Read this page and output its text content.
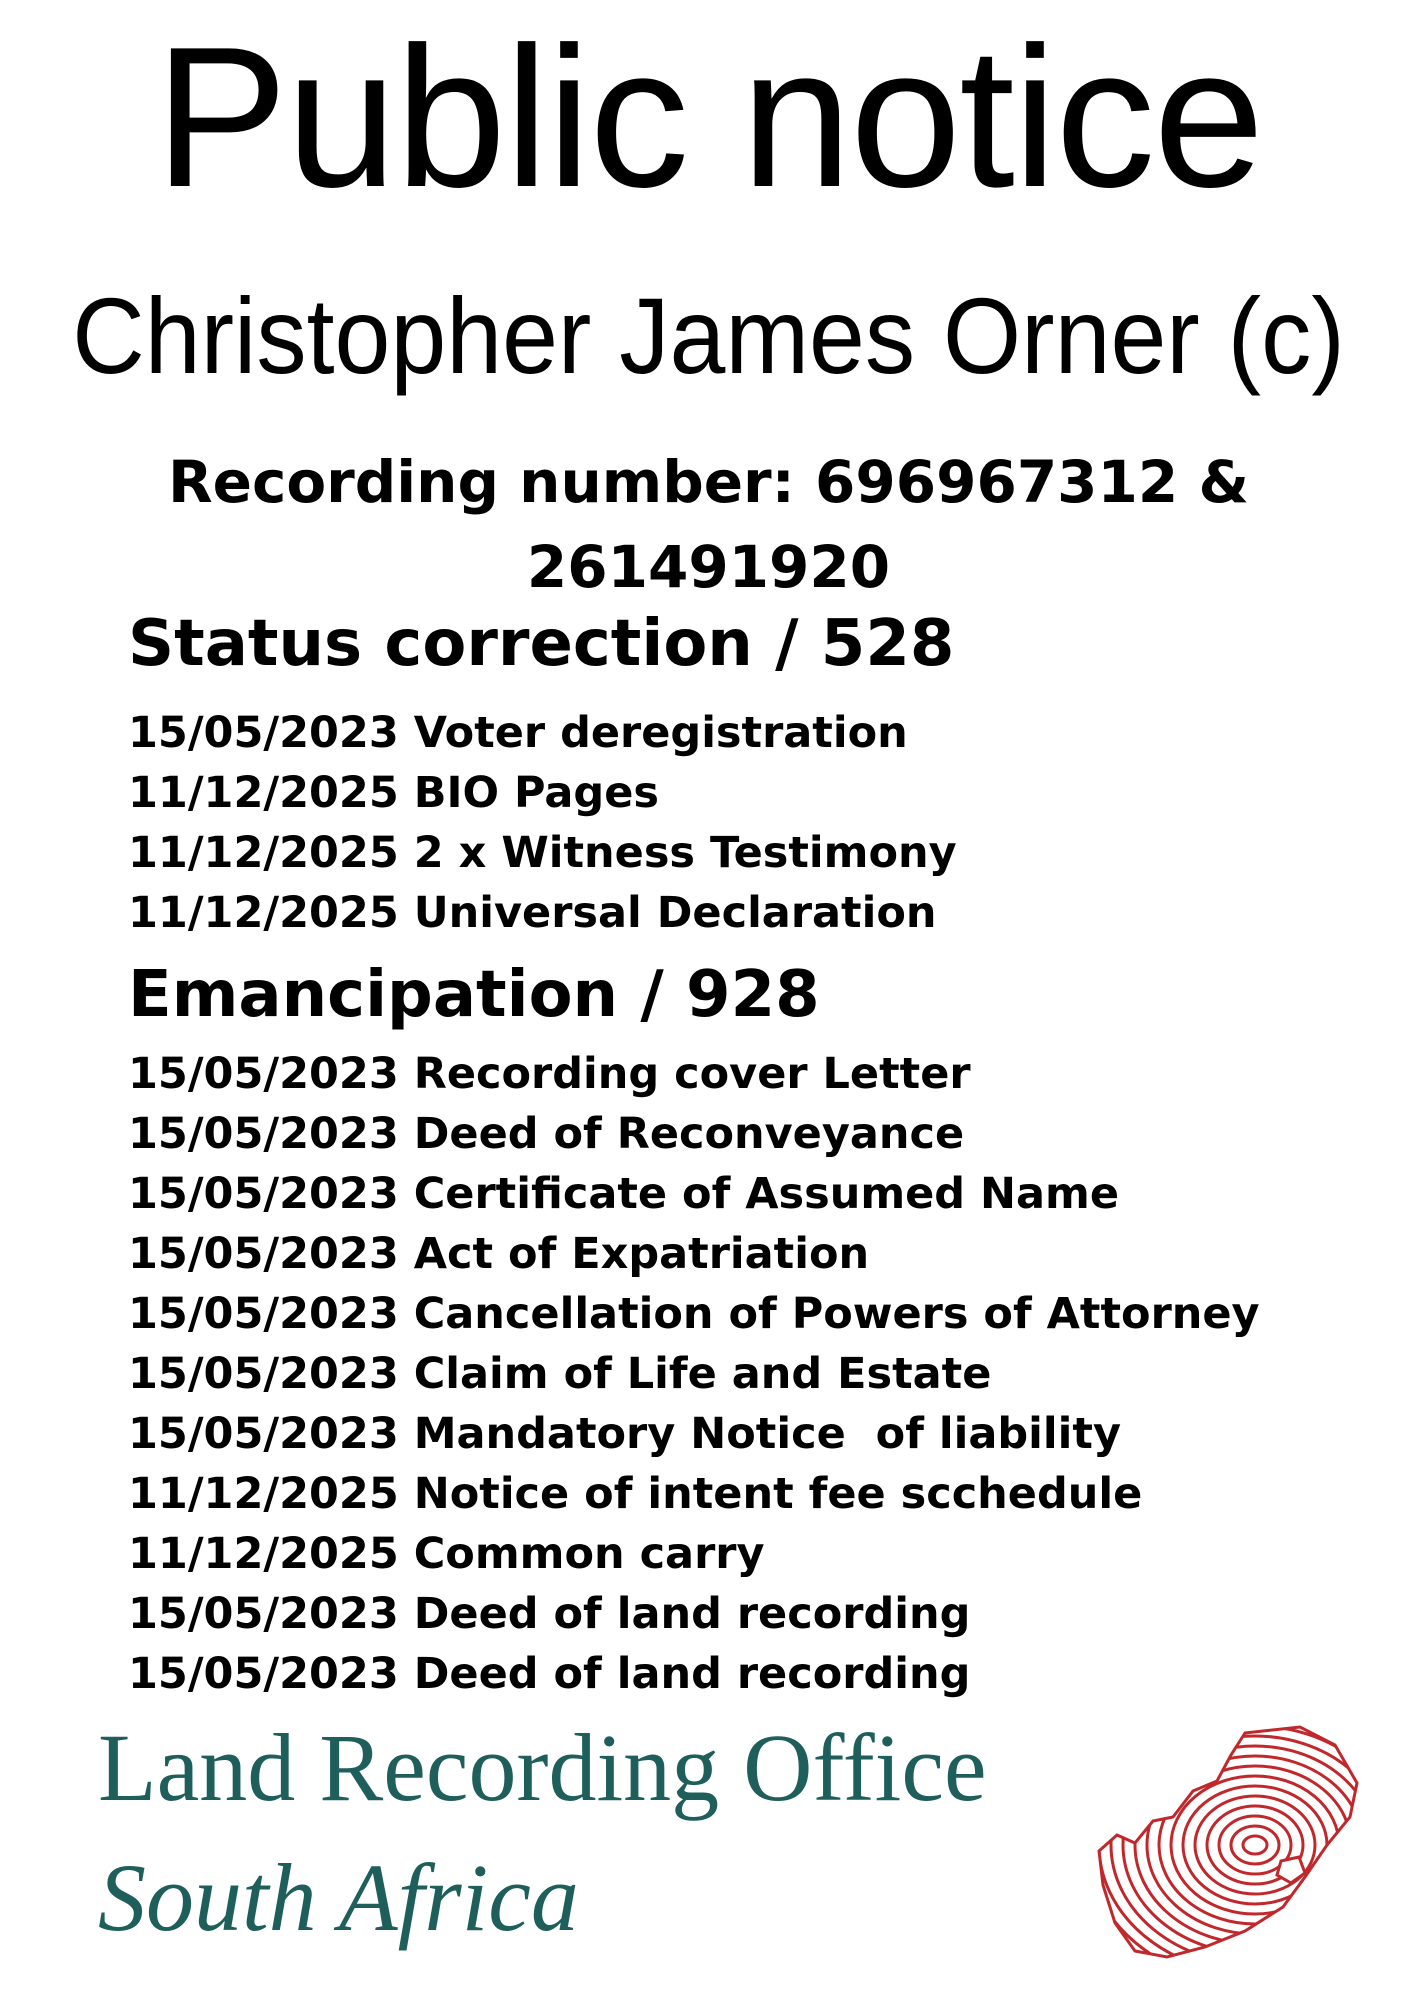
Public notice
Christopher James Orner (c)
Recording number: 696967312 &
261491920
Status correction / 528
15/05/2023 Voter deregistration
11/12/2025 BIO Pages
11/12/2025 2 x Witness Testimony
11/12/2025 Universal Declaration
Emancipation / 928
15/05/2023 Recording cover Letter
15/05/2023 Deed of Reconveyance
15/05/2023 Certificate of Assumed Name
15/05/2023 Act of Expatriation
15/05/2023 Cancellation of Powers of Attorney
15/05/2023 Claim of Life and Estate
15/05/2023 Mandatory Notice  of liability
11/12/2025 Notice of intent fee scchedule
11/12/2025 Common carry
15/05/2023 Deed of land recording
15/05/2023 Deed of land recording
Land Recording Office
South Africa
